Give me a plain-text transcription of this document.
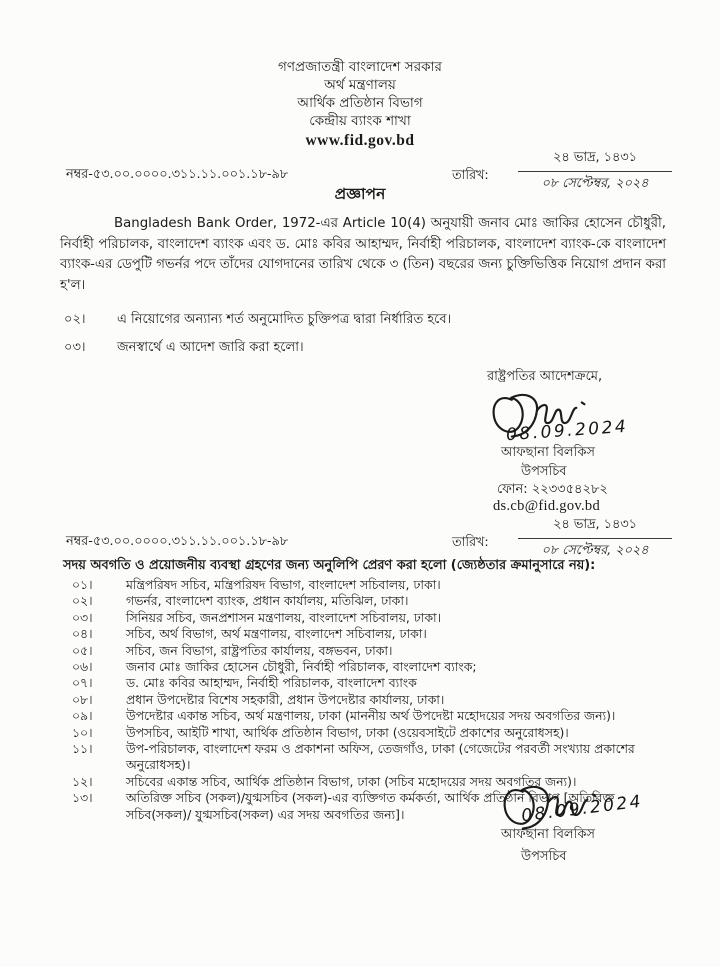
গণপ্রজাতন্ত্রী বাংলাদেশ সরকার
অর্থ মন্ত্রণালয়
আর্থিক প্রতিষ্ঠান বিভাগ
কেন্দ্রীয় ব্যাংক শাখা
www.fid.gov.bd
নম্বর-৫৩.০০.০০০০.৩১১.১১.০০১.১৮-৯৮	তারিখ:
২৪ ভাদ্র, ১৪৩১
০৮ সেপ্টেম্বর, ২০২৪
প্রজ্ঞাপন
Bangladesh Bank Order, 1972-এর Article 10(4) অনুযায়ী জনাব মোঃ জাকির হোসেন চৌধুরী, নির্বাহী পরিচালক, বাংলাদেশ ব্যাংক এবং ড. মোঃ কবির আহাম্মদ, নির্বাহী পরিচালক, বাংলাদেশ ব্যাংক-কে বাংলাদেশ ব্যাংক-এর ডেপুটি গভর্নর পদে তাঁদের যোগদানের তারিখ থেকে ৩ (তিন) বছরের জন্য চুক্তিভিত্তিক নিয়োগ প্রদান করা হ'ল।
০২।	এ নিয়োগের অন্যান্য শর্ত অনুমোদিত চুক্তিপত্র দ্বারা নির্ধারিত হবে।
০৩।	জনস্বার্থে এ আদেশ জারি করা হলো।
রাষ্ট্রপতির আদেশক্রমে,
08.09.2024
আফছানা বিলকিস
উপসচিব
ফোন: ২২৩৩৫৪২৮২
ds.cb@fid.gov.bd
নম্বর-৫৩.০০.০০০০.৩১১.১১.০০১.১৮-৯৮	তারিখ:
২৪ ভাদ্র, ১৪৩১
০৮ সেপ্টেম্বর, ২০২৪
সদয় অবগতি ও প্রয়োজনীয় ব্যবস্থা গ্রহণের জন্য অনুলিপি প্রেরণ করা হলো (জ্যেষ্ঠতার ক্রমানুসারে নয়):
০১।	মন্ত্রিপরিষদ সচিব, মন্ত্রিপরিষদ বিভাগ, বাংলাদেশ সচিবালয়, ঢাকা।
০২।	গভর্নর, বাংলাদেশ ব্যাংক, প্রধান কার্যালয়, মতিঝিল, ঢাকা।
০৩।	সিনিয়র সচিব, জনপ্রশাসন মন্ত্রণালয়, বাংলাদেশ সচিবালয়, ঢাকা।
০৪।	সচিব, অর্থ বিভাগ, অর্থ মন্ত্রণালয়, বাংলাদেশ সচিবালয়, ঢাকা।
০৫।	সচিব, জন বিভাগ, রাষ্ট্রপতির কার্যালয়, বঙ্গভবন, ঢাকা।
০৬।	জনাব মোঃ জাকির হোসেন চৌধুরী, নির্বাহী পরিচালক, বাংলাদেশ ব্যাংক;
০৭।	ড. মোঃ কবির আহাম্মদ, নির্বাহী পরিচালক, বাংলাদেশ ব্যাংক
০৮।	প্রধান উপদেষ্টার বিশেষ সহকারী, প্রধান উপদেষ্টার কার্যালয়, ঢাকা।
০৯।	উপদেষ্টার একান্ত সচিব, অর্থ মন্ত্রণালয়, ঢাকা (মাননীয় অর্থ উপদেষ্টা মহোদয়ের সদয় অবগতির জন্য)।
১০।	উপসচিব, আইটি শাখা, আর্থিক প্রতিষ্ঠান বিভাগ, ঢাকা (ওয়েবসাইটে প্রকাশের অনুরোধসহ)।
১১।	উপ-পরিচালক, বাংলাদেশ ফরম ও প্রকাশনা অফিস, তেজগাঁও, ঢাকা (গেজেটের পরবর্তী সংখ্যায় প্রকাশের অনুরোধসহ)।
১২।	সচিবের একান্ত সচিব, আর্থিক প্রতিষ্ঠান বিভাগ, ঢাকা (সচিব মহোদয়ের সদয় অবগতির জন্য)।
১৩।	অতিরিক্ত সচিব (সকল)/যুগ্মসচিব (সকল)-এর ব্যক্তিগত কর্মকর্তা, আর্থিক প্রতিষ্ঠান বিভাগ [অতিরিক্ত সচিব(সকল)/ যুগ্মসচিব(সকল) এর সদয় অবগতির জন্য]।	08.09.2024
আফছানা বিলকিস
উপসচিব
